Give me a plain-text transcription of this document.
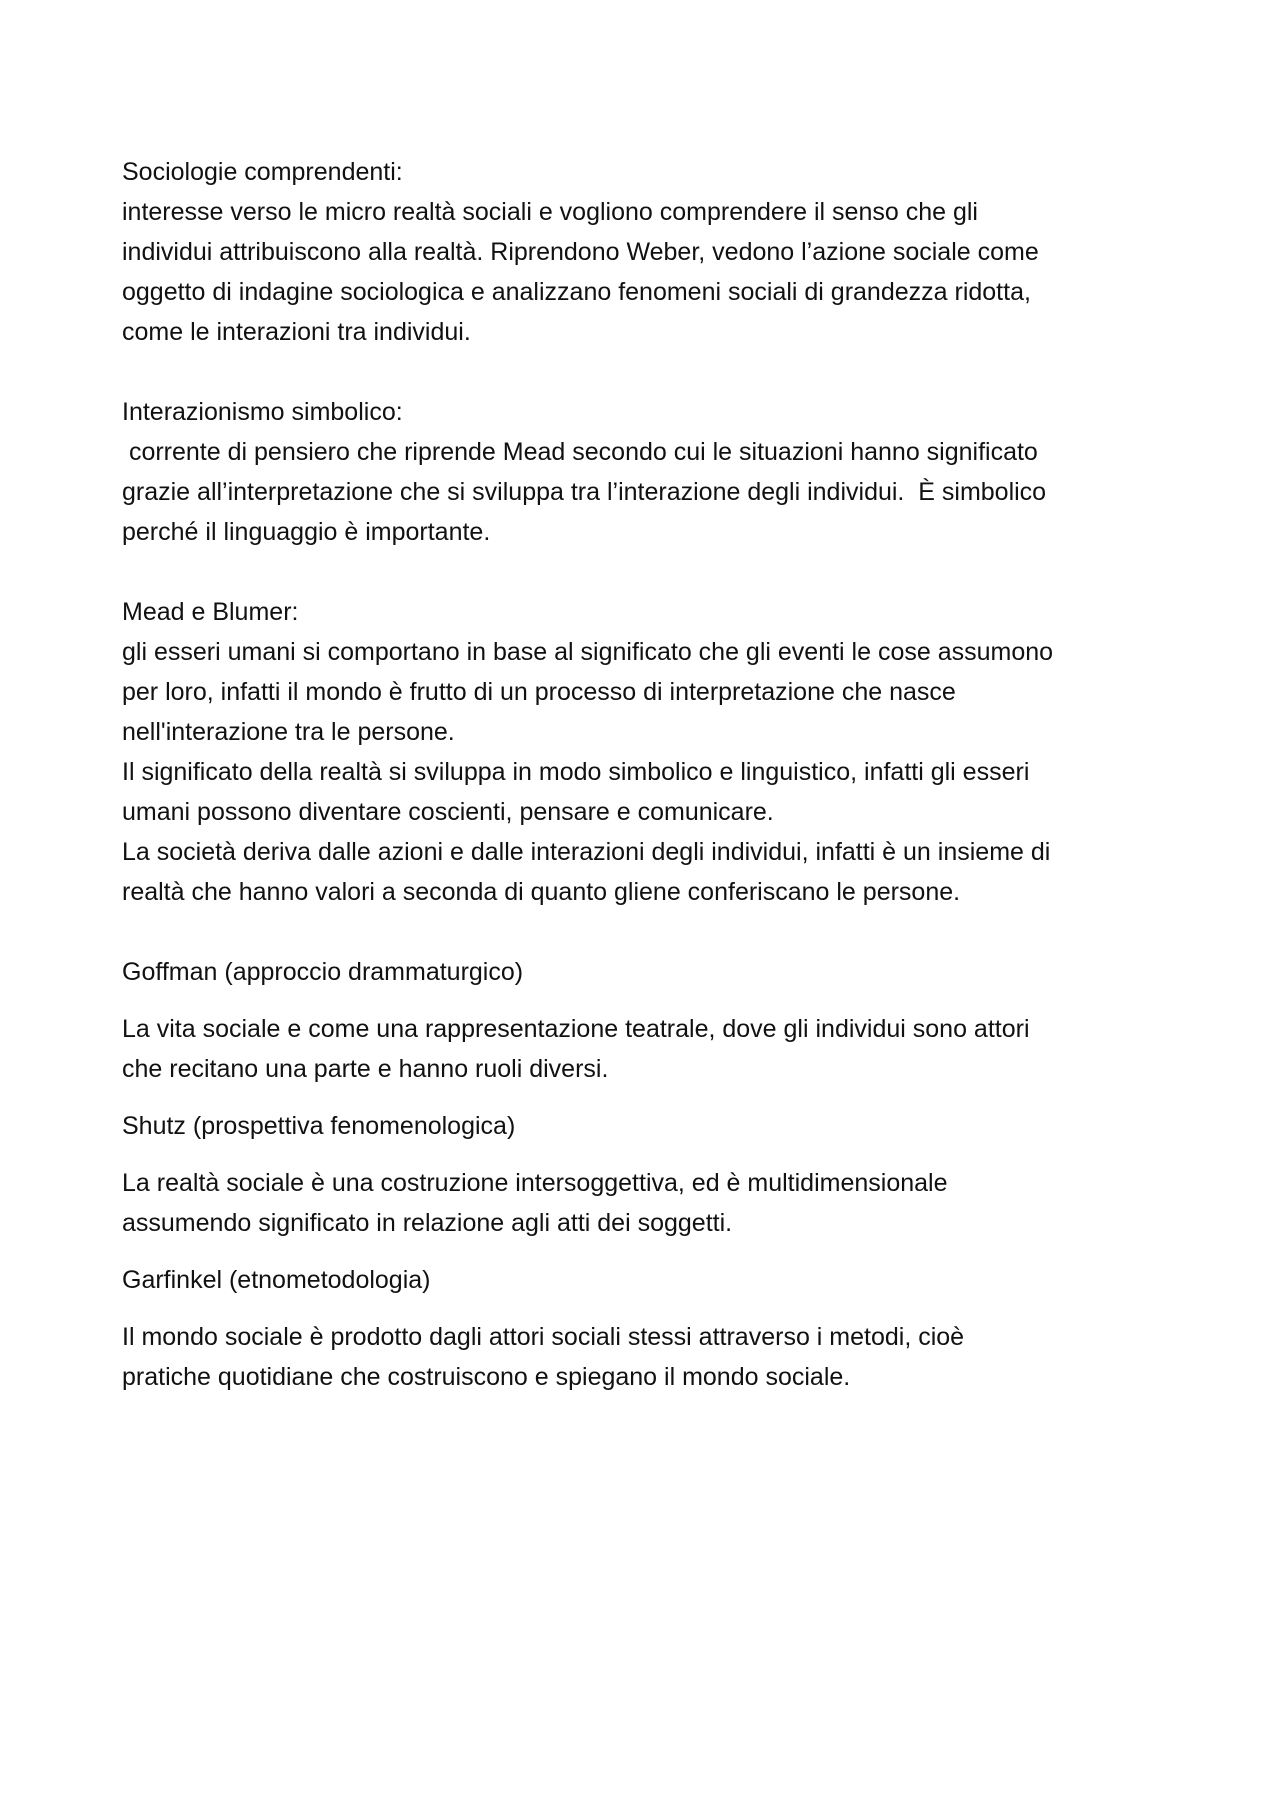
Sociologie comprendenti:
interesse verso le micro realtà sociali e vogliono comprendere il senso che gli
individui attribuiscono alla realtà. Riprendono Weber, vedono l’azione sociale come
oggetto di indagine sociologica e analizzano fenomeni sociali di grandezza ridotta,
come le interazioni tra individui.
Interazionismo simbolico:
corrente di pensiero che riprende Mead secondo cui le situazioni hanno significato
grazie all’interpretazione che si sviluppa tra l’interazione degli individui.  È simbolico
perché il linguaggio è importante.
Mead e Blumer:
gli esseri umani si comportano in base al significato che gli eventi le cose assumono
per loro, infatti il mondo è frutto di un processo di interpretazione che nasce
nell'interazione tra le persone.
Il significato della realtà si sviluppa in modo simbolico e linguistico, infatti gli esseri
umani possono diventare coscienti, pensare e comunicare.
La società deriva dalle azioni e dalle interazioni degli individui, infatti è un insieme di
realtà che hanno valori a seconda di quanto gliene conferiscano le persone.
Goffman (approccio drammaturgico)
La vita sociale e come una rappresentazione teatrale, dove gli individui sono attori
che recitano una parte e hanno ruoli diversi.
Shutz (prospettiva fenomenologica)
La realtà sociale è una costruzione intersoggettiva, ed è multidimensionale
assumendo significato in relazione agli atti dei soggetti.
Garfinkel (etnometodologia)
Il mondo sociale è prodotto dagli attori sociali stessi attraverso i metodi, cioè
pratiche quotidiane che costruiscono e spiegano il mondo sociale.
